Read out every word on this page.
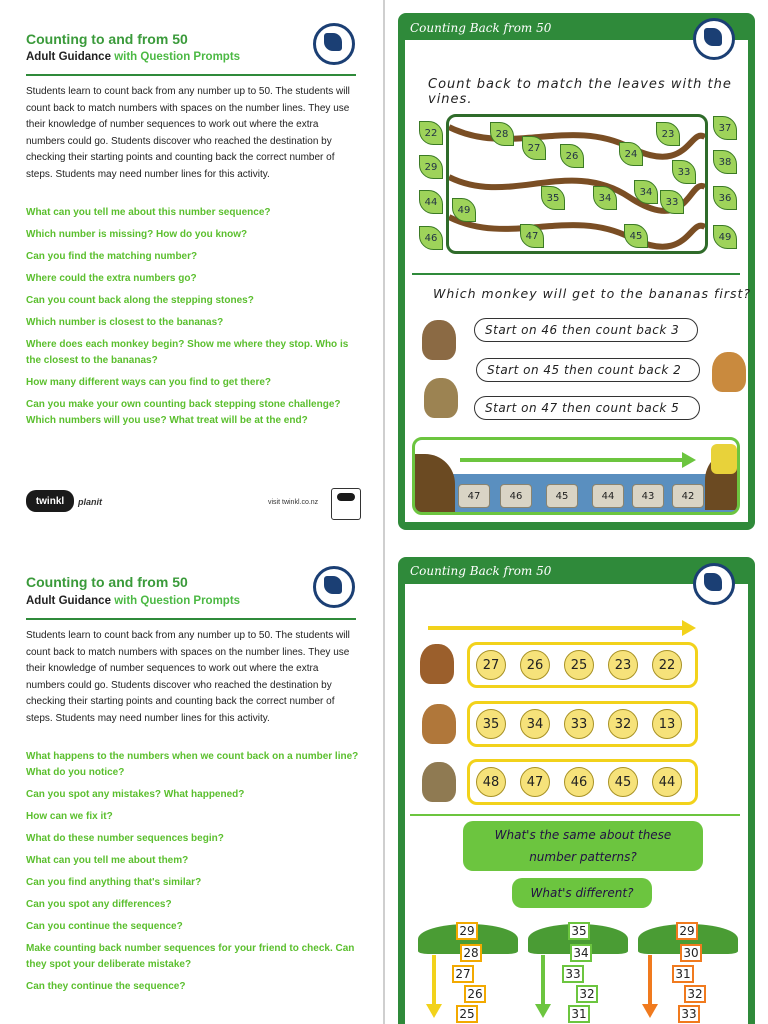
Counting to and from 50
Adult Guidance with Question Prompts
Students learn to count back from any number up to 50. The students will count back to match numbers with spaces on the number lines. They use their knowledge of number sequences to work out where the extra numbers could go. Students discover who reached the destination by checking their starting points and counting back the correct number of steps. Students may need number lines for this activity.
What can you tell me about this number sequence?
Which number is missing? How do you know?
Can you find the matching number?
Where could the extra numbers go?
Can you count back along the stepping stones?
Which number is closest to the bananas?
Where does each monkey begin? Show me where they stop. Who is the closest to the bananas?
How many different ways can you find to get there?
Can you make your own counting back stepping stone challenge? Which numbers will you use? What treat will be at the end?
twinkl planit	visit twinkl.co.nz
Counting to and from 50
Adult Guidance with Question Prompts
Students learn to count back from any number up to 50. The students will count back to match numbers with spaces on the number lines. They use their knowledge of number sequences to work out where the extra numbers could go. Students discover who reached the destination by checking their starting points and counting back the correct number of steps. Students may need number lines for this activity.
What happens to the numbers when we count back on a number line? What do you notice?
Can you spot any mistakes? What happened?
How can we fix it?
What do these number sequences begin?
What can you tell me about them?
Can you find anything that's similar?
Can you spot any differences?
Can you continue the sequence?
Make counting back number sequences for your friend to check. Can they spot your deliberate mistake?
Can they continue the sequence?
Counting Back from 50
Count back to match the leaves with the vines.
22
29
44
46
37
38
36
49
28
27
26	24
23
34
33
49
35	34	33
47	45
Which monkey will get to the bananas first?
Start on 46 then count back 3
Start on 45 then count back 2
Start on 47 then count back 5
47	46	45	44	43	42
Counting Back from 50
27	26	25	23	22
35	34	33	32	13
48	47	46	45	44
What's the same about these number patterns?
What's different?
29
28
27
26
25
35
34
33
32
31
29
30
31
32
33
